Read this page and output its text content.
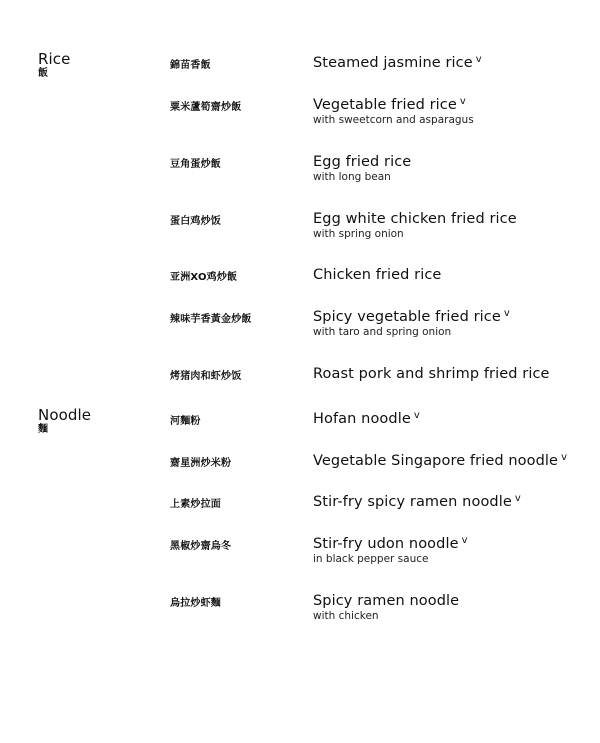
Rice
飯
錦苗香飯	Steamed jasmine rice $^v$
粟米蘆筍齋炒飯	Vegetable fried rice $^v$
with sweetcorn and asparagus
豆角蛋炒飯	Egg fried rice
with long bean
蛋白鸡炒饭	Egg white chicken fried rice
with spring onion
亚洲XO鸡炒飯	Chicken fried rice
辣味芋香黃金炒飯	Spicy vegetable fried rice $^v$
with taro and spring onion
烤猪肉和虾炒饭	Roast pork and shrimp fried rice
Noodle
麵
河麵粉	Hofan noodle $^v$
齋星洲炒米粉	Vegetable Singapore fried noodle $^v$
上素炒拉面	Stir-fry spicy ramen noodle $^v$
黑椒炒齋烏冬	Stir-fry udon noodle $^v$
in black pepper sauce
烏拉炒虾麵	Spicy ramen noodle
with chicken
